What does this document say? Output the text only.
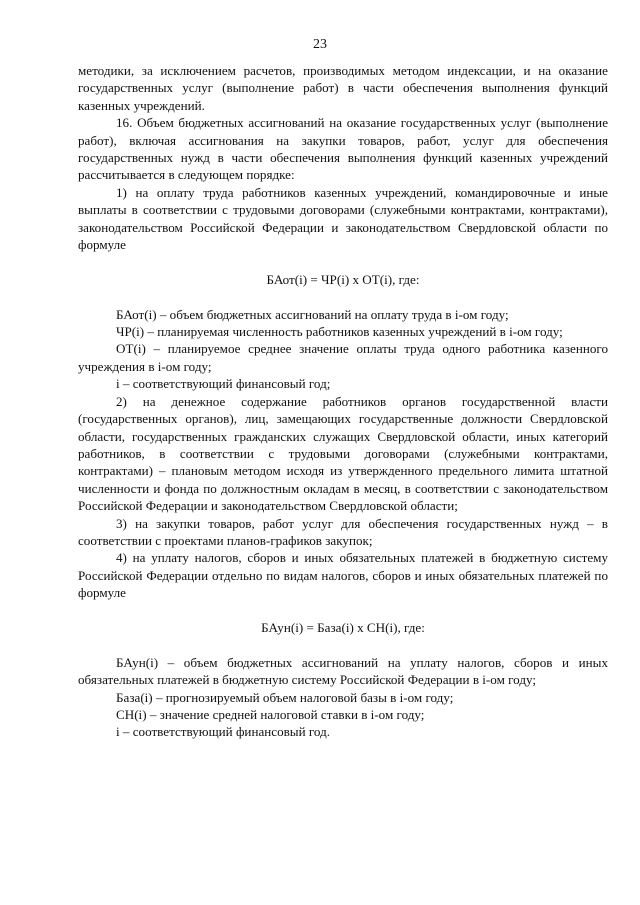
23

методики, за исключением расчетов, производимых методом индексации, и на оказание государственных услуг (выполнение работ) в части обеспечения выполнения функций казенных учреждений.

16. Объем бюджетных ассигнований на оказание государственных услуг (выполнение работ), включая ассигнования на закупки товаров, работ, услуг для обеспечения государственных нужд в части обеспечения выполнения функций казенных учреждений рассчитывается в следующем порядке:

1) на оплату труда работников казенных учреждений, командировочные и иные выплаты в соответствии с трудовыми договорами (служебными контрактами, контрактами), законодательством Российской Федерации и законодательством Свердловской области по формуле

БАот(i) = ЧР(i) х ОТ(i), где:

БАот(i) – объем бюджетных ассигнований на оплату труда в i-ом году;

ЧР(i) – планируемая численность работников казенных учреждений в i-ом году;

ОТ(i) – планируемое среднее значение оплаты труда одного работника казенного учреждения в i-ом году;

i – соответствующий финансовый год;

2) на денежное содержание работников органов государственной власти (государственных органов), лиц, замещающих государственные должности Свердловской области, государственных гражданских служащих Свердловской области, иных категорий работников, в соответствии с трудовыми договорами (служебными контрактами, контрактами) – плановым методом исходя из утвержденного предельного лимита штатной численности и фонда по должностным окладам в месяц, в соответствии с законодательством Российской Федерации и законодательством Свердловской области;

3) на закупки товаров, работ услуг для обеспечения государственных нужд – в соответствии с проектами планов-графиков закупок;

4) на уплату налогов, сборов и иных обязательных платежей в бюджетную систему Российской Федерации отдельно по видам налогов, сборов и иных обязательных платежей по формуле

БАун(i) = База(i) х СН(i), где:

БАун(i) – объем бюджетных ассигнований на уплату налогов, сборов и иных обязательных платежей в бюджетную систему Российской Федерации в i-ом году;

База(i) – прогнозируемый объем налоговой базы в i-ом году;

СН(i) – значение средней налоговой ставки в i-ом году;

i – соответствующий финансовый год.
